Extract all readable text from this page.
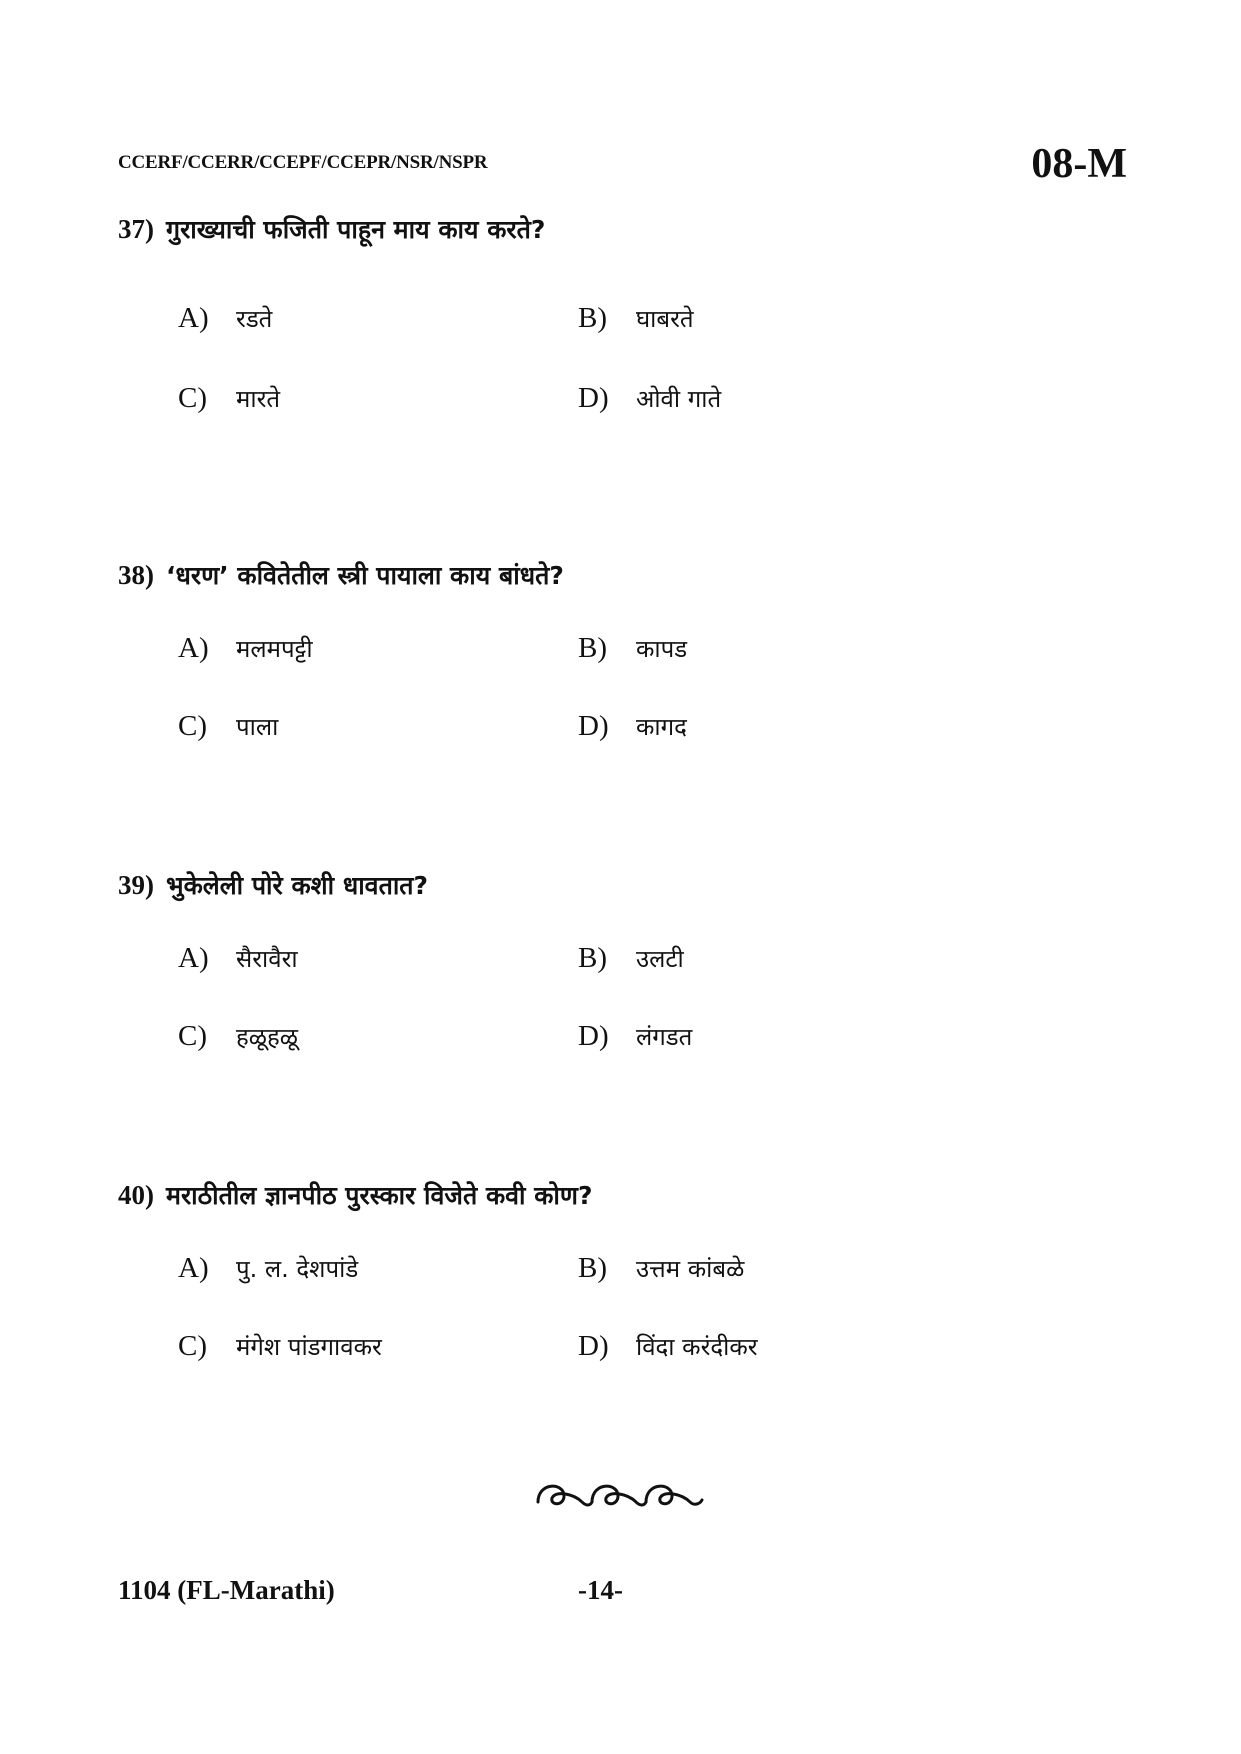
CCERF/CCERR/CCEPF/CCEPR/NSR/NSPR	08-M
37) गुराख्याची फजिती पाहून माय काय करते?
A)	रडते	B)	घाबरते
C)	मारते	D)	ओवी गाते
38) ‘धरण’ कवितेतील स्त्री पायाला काय बांधते?
A)	मलमपट्टी	B)	कापड
C)	पाला	D)	कागद
39) भुकेलेली पोरे कशी धावतात?
A)	सैरावैरा	B)	उलटी
C)	हळूहळू	D)	लंगडत
40) मराठीतील ज्ञानपीठ पुरस्कार विजेते कवी कोण?
A)	पु. ल. देशपांडे	B)	उत्तम कांबळे
C)	मंगेश पांडगावकर	D)	विंदा करंदीकर
1104 (FL-Marathi)	-14-
